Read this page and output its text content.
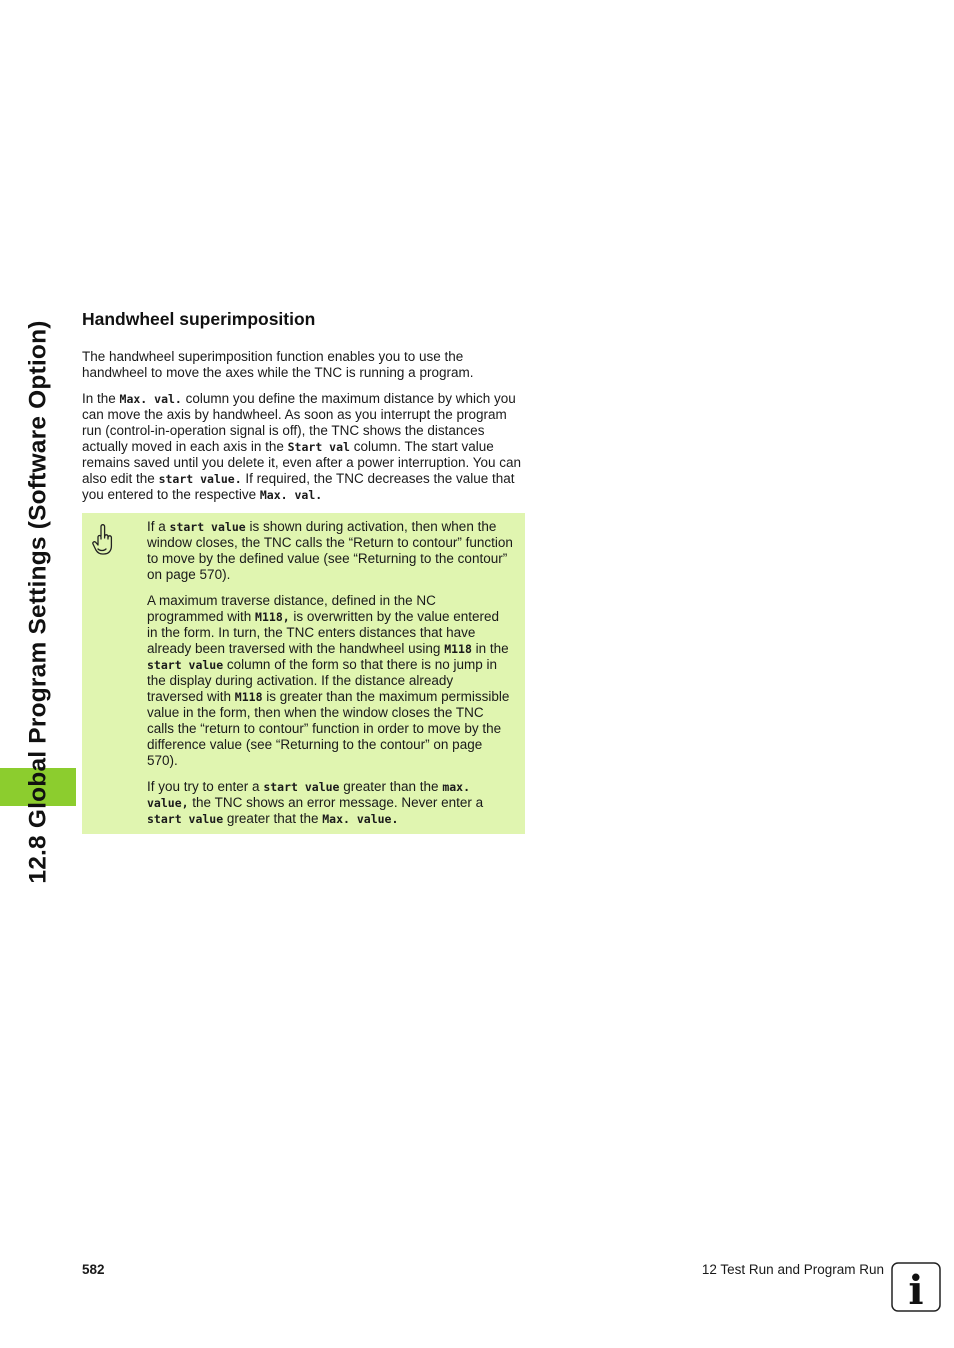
12.8 Global Program Settings (Software Option)
Handwheel superimposition

The handwheel superimposition function enables you to use the handwheel to move the axes while the TNC is running a program.

In the Max. val. column you define the maximum distance by which you can move the axis by handwheel. As soon as you interrupt the program run (control-in-operation signal is off), the TNC shows the distances actually moved in each axis in the Start val column. The start value remains saved until you delete it, even after a power interruption. You can also edit the start value. If required, the TNC decreases the value that you entered to the respective Max. val.

If a start value is shown during activation, then when the window closes, the TNC calls the “Return to contour” function to move by the defined value (see “Returning to the contour” on page 570).

A maximum traverse distance, defined in the NC programmed with M118, is overwritten by the value entered in the form. In turn, the TNC enters distances that have already been traversed with the handwheel using M118 in the start value column of the form so that there is no jump in the display during activation. If the distance already traversed with M118 is greater than the maximum permissible value in the form, then when the window closes the TNC calls the “return to contour” function in order to move by the difference value (see “Returning to the contour” on page 570).

If you try to enter a start value greater than the max. value, the TNC shows an error message. Never enter a start value greater that the Max. value.

582	12 Test Run and Program Run i
